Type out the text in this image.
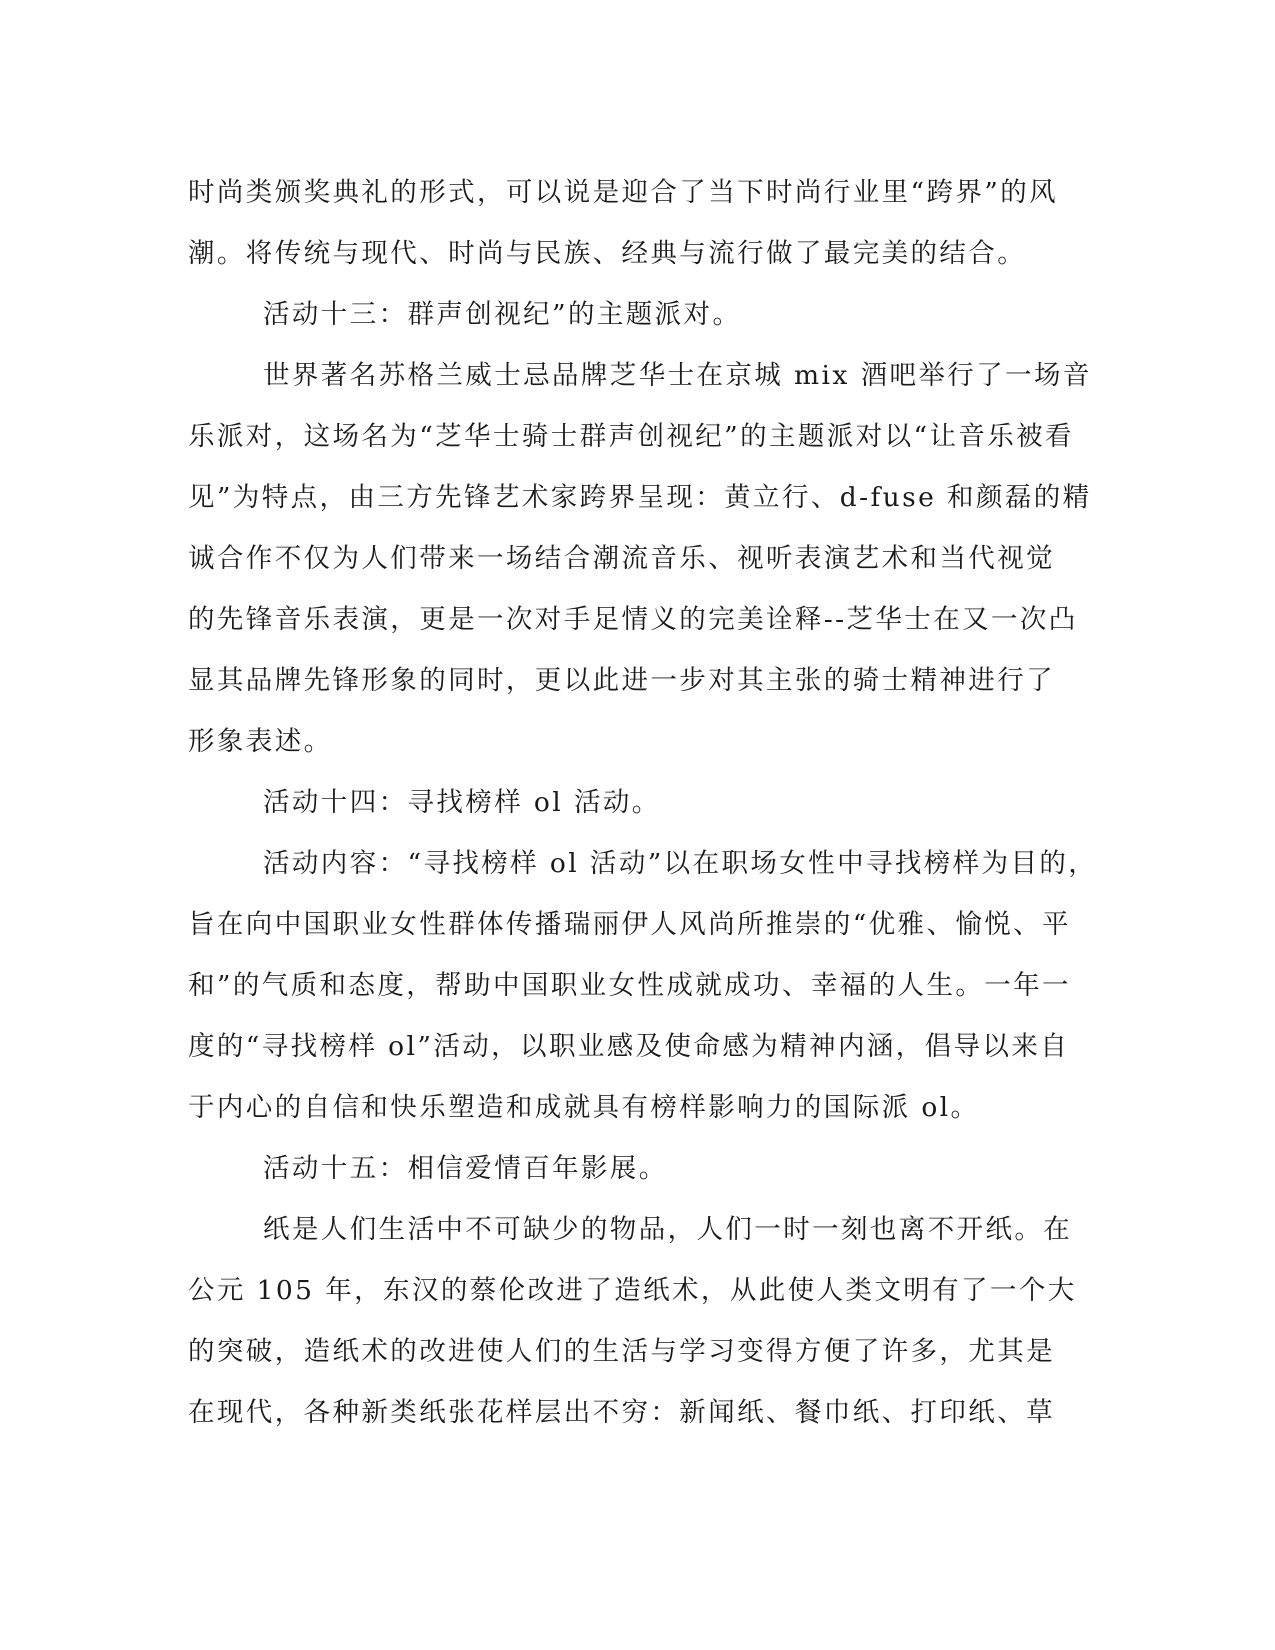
时尚类颁奖典礼的形式，可以说是迎合了当下时尚行业里“跨界”的风
潮。将传统与现代、时尚与民族、经典与流行做了最完美的结合。
活动十三：群声创视纪”的主题派对。
世界著名苏格兰威士忌品牌芝华士在京城 mix 酒吧举行了一场音
乐派对，这场名为“芝华士骑士群声创视纪”的主题派对以“让音乐被看
见”为特点，由三方先锋艺术家跨界呈现：黄立行、d-fuse 和颜磊的精
诚合作不仅为人们带来一场结合潮流音乐、视听表演艺术和当代视觉
的先锋音乐表演，更是一次对手足情义的完美诠释--芝华士在又一次凸
显其品牌先锋形象的同时，更以此进一步对其主张的骑士精神进行了
形象表述。
活动十四：寻找榜样 ol 活动。
活动内容：“寻找榜样 ol 活动”以在职场女性中寻找榜样为目的，
旨在向中国职业女性群体传播瑞丽伊人风尚所推崇的“优雅、愉悦、平
和”的气质和态度，帮助中国职业女性成就成功、幸福的人生。一年一
度的“寻找榜样 ol”活动，以职业感及使命感为精神内涵，倡导以来自
于内心的自信和快乐塑造和成就具有榜样影响力的国际派 ol。
活动十五：相信爱情百年影展。
纸是人们生活中不可缺少的物品，人们一时一刻也离不开纸。在
公元 105 年，东汉的蔡伦改进了造纸术，从此使人类文明有了一个大
的突破，造纸术的改进使人们的生活与学习变得方便了许多，尤其是
在现代，各种新类纸张花样层出不穷：新闻纸、餐巾纸、打印纸、草
